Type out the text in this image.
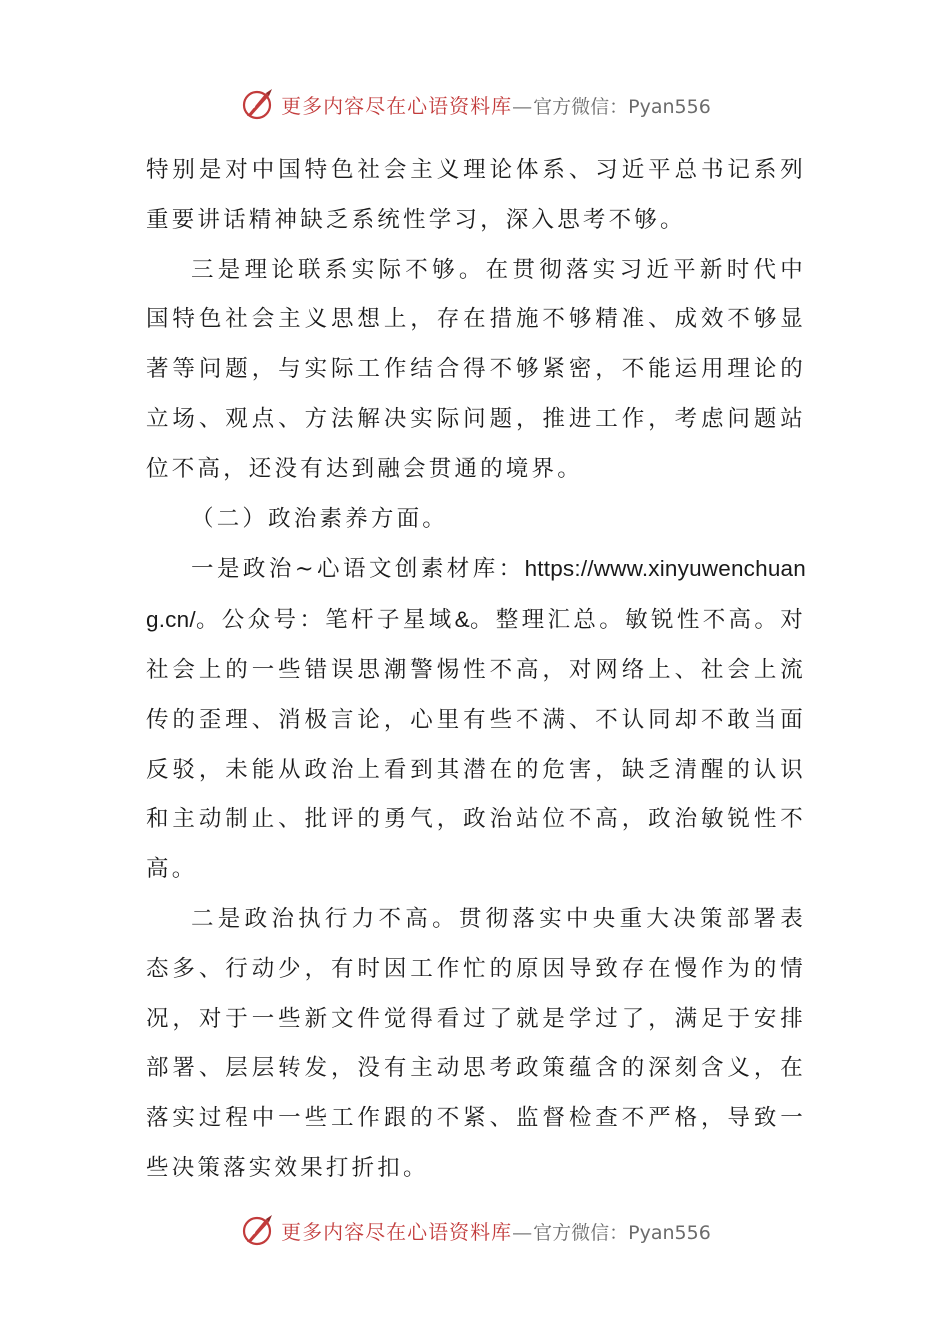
更多内容尽在心语资料库—官方微信：Pyan556

特别是对中国特色社会主义理论体系、习近平总书记系列重要讲话精神缺乏系统性学习，深入思考不够。

三是理论联系实际不够。在贯彻落实习近平新时代中国特色社会主义思想上，存在措施不够精准、成效不够显著等问题，与实际工作结合得不够紧密，不能运用理论的立场、观点、方法解决实际问题，推进工作，考虑问题站位不高，还没有达到融会贯通的境界。

（二）政治素养方面。

一是政治~心语文创素材库：https://www.xinyuwenchuang.cn/。公众号：笔杆子星域&。整理汇总。敏锐性不高。对社会上的一些错误思潮警惕性不高，对网络上、社会上流传的歪理、消极言论，心里有些不满、不认同却不敢当面反驳，未能从政治上看到其潜在的危害，缺乏清醒的认识和主动制止、批评的勇气，政治站位不高，政治敏锐性不高。

二是政治执行力不高。贯彻落实中央重大决策部署表态多、行动少，有时因工作忙的原因导致存在慢作为的情况，对于一些新文件觉得看过了就是学过了，满足于安排部署、层层转发，没有主动思考政策蕴含的深刻含义，在落实过程中一些工作跟的不紧、监督检查不严格，导致一些决策落实效果打折扣。

更多内容尽在心语资料库—官方微信：Pyan556
